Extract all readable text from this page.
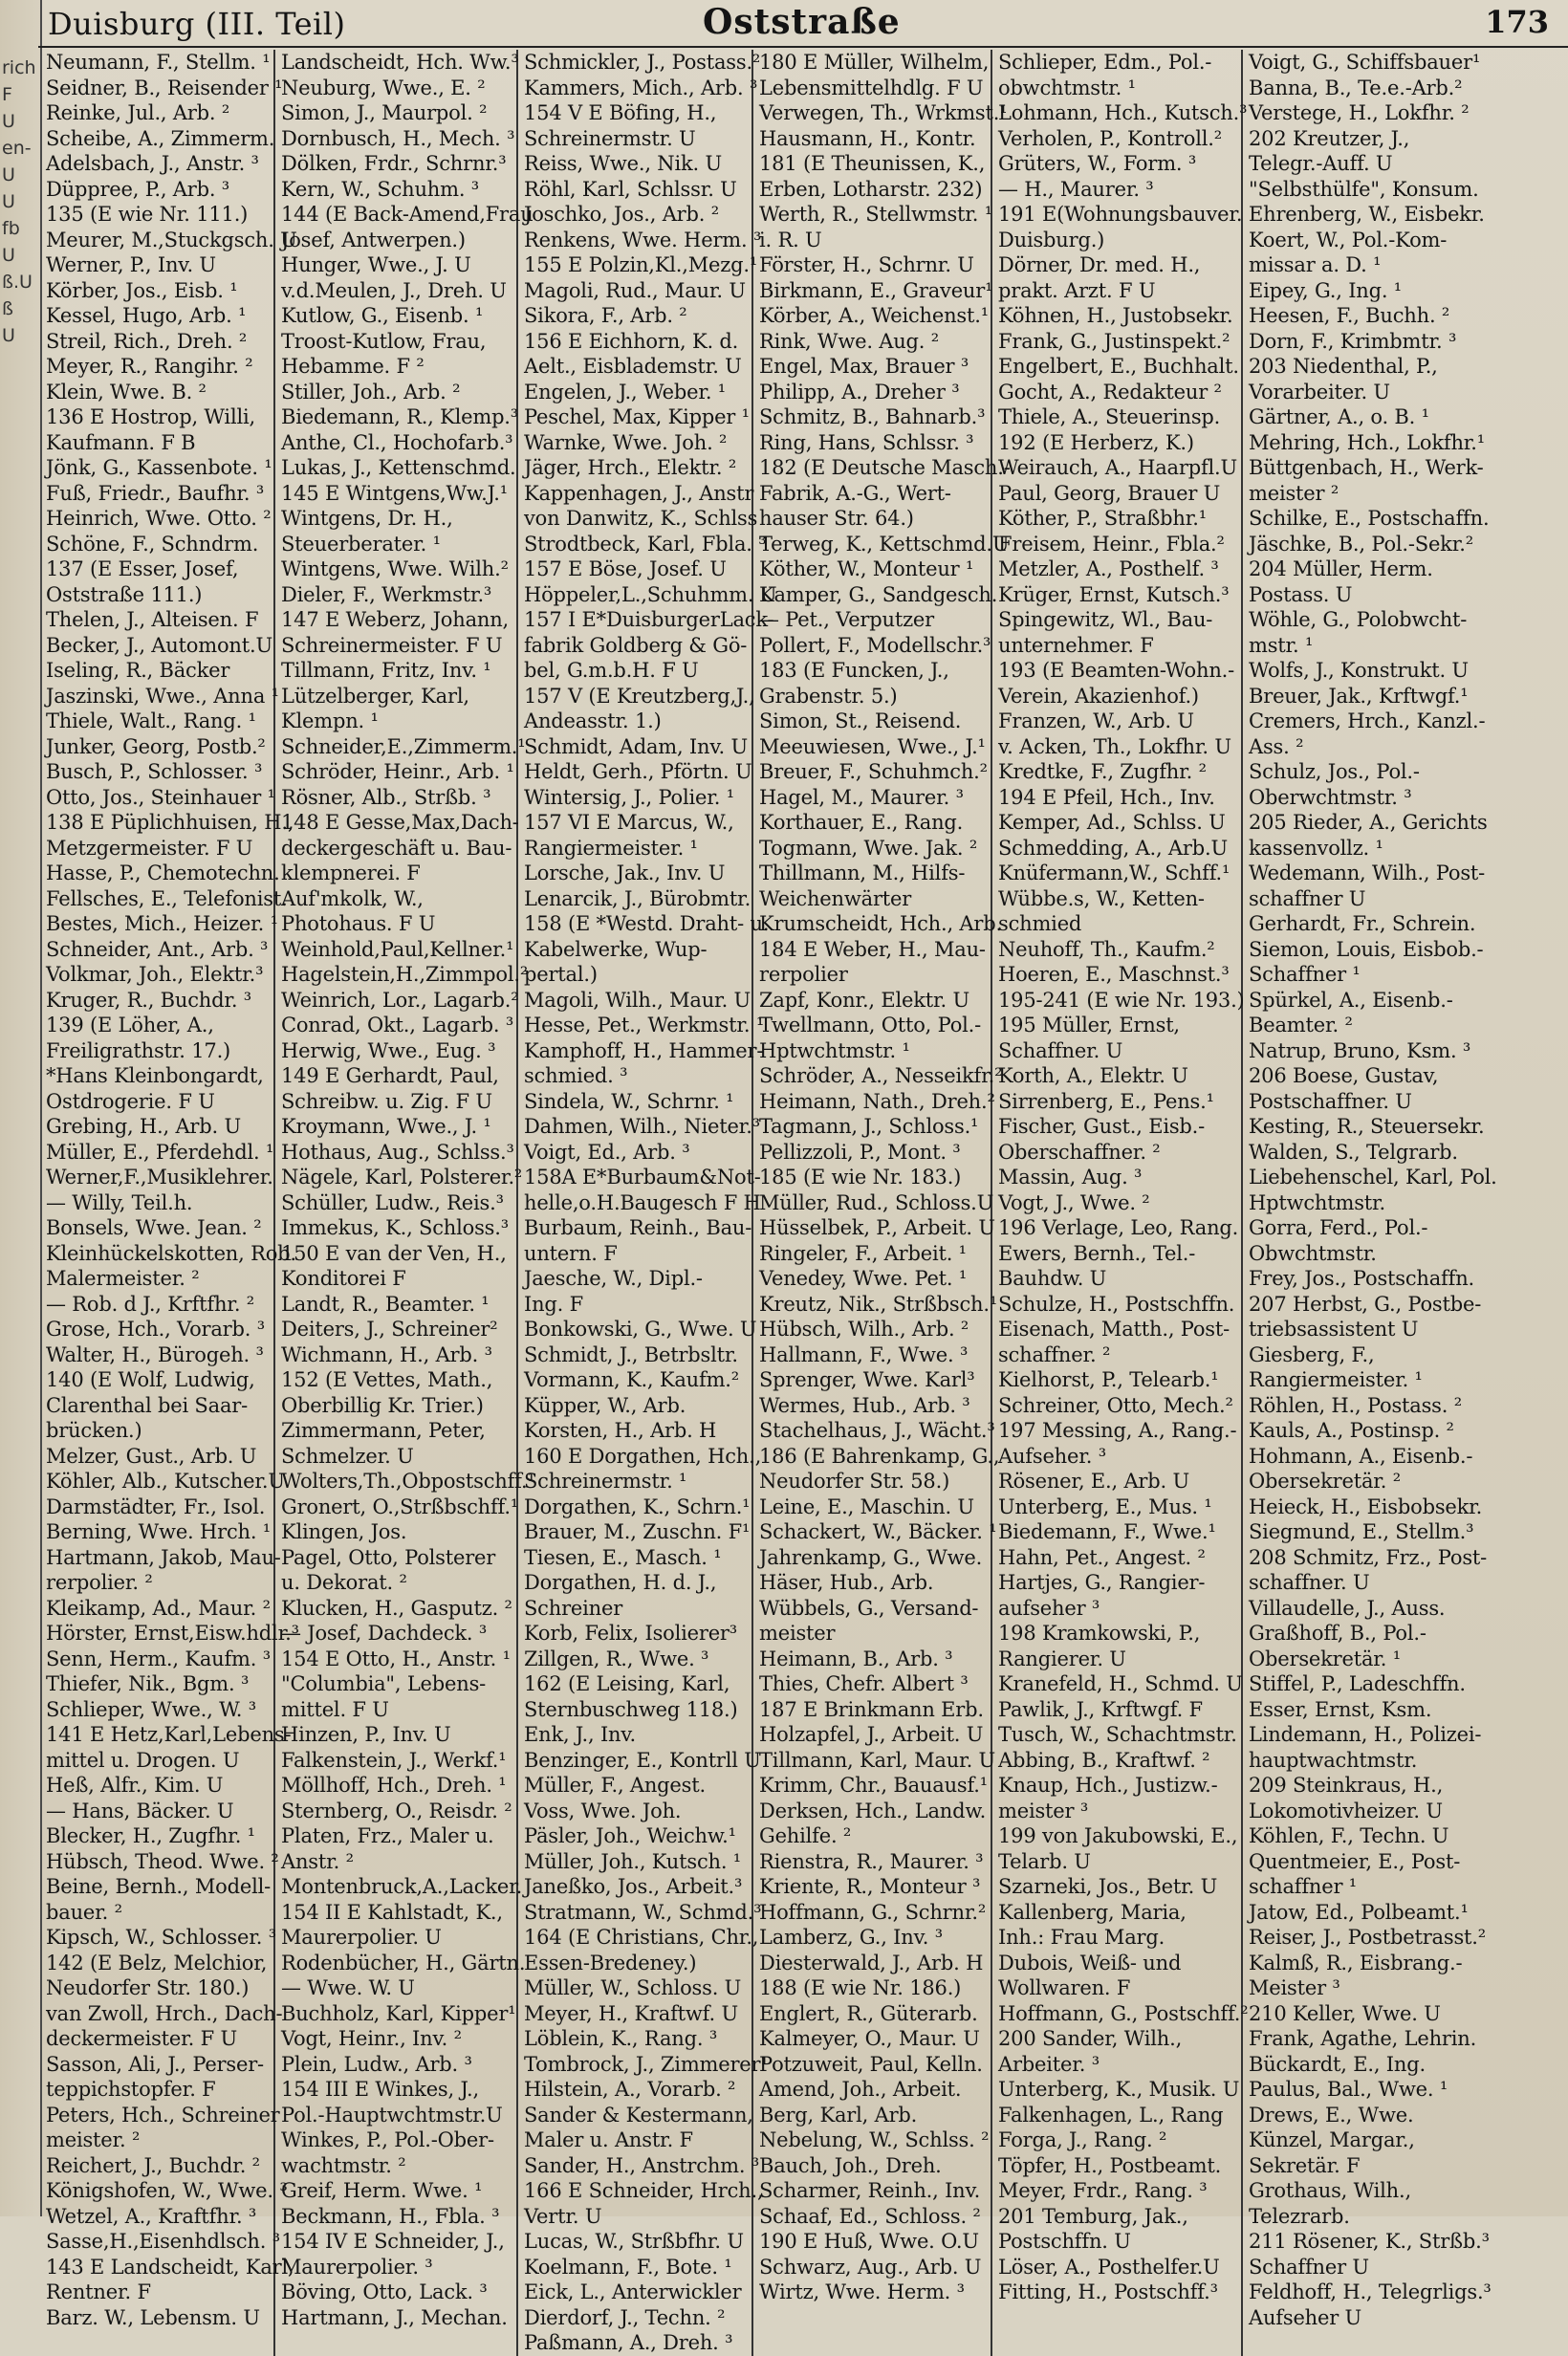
rich
F
U
en-
U
U
fb
U
ß.U
ß
U
Duisburg (III. Teil)	Oststraße	173
Neumann, F., Stellm. ¹
Seidner, B., Reisender ¹
Reinke, Jul., Arb. ²
Scheibe, A., Zimmerm.
Adelsbach, J., Anstr. ³
Düppree, P., Arb. ³
135 (E wie Nr. 111.)
Meurer, M.,Stuckgsch. U
Werner, P., Inv. U
Körber, Jos., Eisb. ¹
Kessel, Hugo, Arb. ¹
Streil, Rich., Dreh. ²
Meyer, R., Rangihr. ²
Klein, Wwe. B. ²
136 E Hostrop, Willi,
Kaufmann. F B
Jönk, G., Kassenbote. ¹
Fuß, Friedr., Baufhr. ³
Heinrich, Wwe. Otto. ²
Schöne, F., Schndrm.
137 (E Esser, Josef,
Oststraße 111.)
Thelen, J., Alteisen. F
Becker, J., Automont.U
Iseling, R., Bäcker
Jaszinski, Wwe., Anna ¹
Thiele, Walt., Rang. ¹
Junker, Georg, Postb.²
Busch, P., Schlosser. ³
Otto, Jos., Steinhauer ¹
138 E Püplichhuisen, H.,
Metzgermeister. F U
Hasse, P., Chemotechn.
Fellsches, E., Telefonist.
Bestes, Mich., Heizer. ¹
Schneider, Ant., Arb. ³
Volkmar, Joh., Elektr.³
Kruger, R., Buchdr. ³
139 (E Löher, A.,
Freiligrathstr. 17.)
*Hans Kleinbongardt,
Ostdrogerie. F U
Grebing, H., Arb. U
Müller, E., Pferdehdl. ¹
Werner,F.,Musiklehrer.
— Willy, Teil.h.
Bonsels, Wwe. Jean. ²
Kleinhückelskotten, Rob.
Malermeister. ²
— Rob. d J., Krftfhr. ²
Grose, Hch., Vorarb. ³
Walter, H., Bürogeh. ³
140 (E Wolf, Ludwig,
Clarenthal bei Saar-
brücken.)
Melzer, Gust., Arb. U
Köhler, Alb., Kutscher.U
Darmstädter, Fr., Isol.
Berning, Wwe. Hrch. ¹
Hartmann, Jakob, Mau-
rerpolier. ²
Kleikamp, Ad., Maur. ²
Hörster, Ernst,Eisw.hdlr.³
Senn, Herm., Kaufm. ³
Thiefer, Nik., Bgm. ³
Schlieper, Wwe., W. ³
141 E Hetz,Karl,Lebens-
mittel u. Drogen. U
Heß, Alfr., Kim. U
— Hans, Bäcker. U
Blecker, H., Zugfhr. ¹
Hübsch, Theod. Wwe. ²
Beine, Bernh., Modell-
bauer. ²
Kipsch, W., Schlosser. ³
142 (E Belz, Melchior,
Neudorfer Str. 180.)
van Zwoll, Hrch., Dach-
deckermeister. F U
Sasson, Ali, J., Perser-
teppichstopfer. F
Peters, Hch., Schreiner
meister. ²
Reichert, J., Buchdr. ²
Königshofen, W., Wwe. ³
Wetzel, A., Kraftfhr. ³
Sasse,H.,Eisenhdlsch. ³
143 E Landscheidt, Karl,
Rentner. F
Barz. W., Lebensm. U
Landscheidt, Hch. Ww.³
Neuburg, Wwe., E. ²
Simon, J., Maurpol. ²
Dornbusch, H., Mech. ³
Dölken, Frdr., Schrnr.³
Kern, W., Schuhm. ³
144 (E Back-Amend,Frau
Josef, Antwerpen.)
Hunger, Wwe., J. U
v.d.Meulen, J., Dreh. U
Kutlow, G., Eisenb. ¹
Troost-Kutlow, Frau,
Hebamme. F ²
Stiller, Joh., Arb. ²
Biedemann, R., Klemp.³
Anthe, Cl., Hochofarb.³
Lukas, J., Kettenschmd.
145 E Wintgens,Ww.J.¹
Wintgens, Dr. H.,
Steuerberater. ¹
Wintgens, Wwe. Wilh.²
Dieler, F., Werkmstr.³
147 E Weberz, Johann,
Schreinermeister. F U
Tillmann, Fritz, Inv. ¹
Lützelberger, Karl,
Klempn. ¹
Schneider,E.,Zimmerm.¹
Schröder, Heinr., Arb. ¹
Rösner, Alb., Strßb. ³
148 E Gesse,Max,Dach-
deckergeschäft u. Bau-
klempnerei. F
Auf'mkolk, W.,
Photohaus. F U
Weinhold,Paul,Kellner.¹
Hagelstein,H.,Zimmpol.²
Weinrich, Lor., Lagarb.²
Conrad, Okt., Lagarb. ³
Herwig, Wwe., Eug. ³
149 E Gerhardt, Paul,
Schreibw. u. Zig. F U
Kroymann, Wwe., J. ¹
Hothaus, Aug., Schlss.³
Nägele, Karl, Polsterer.²
Schüller, Ludw., Reis.³
Immekus, K., Schloss.³
150 E van der Ven, H.,
Konditorei F
Landt, R., Beamter. ¹
Deiters, J., Schreiner²
Wichmann, H., Arb. ³
152 (E Vettes, Math.,
Oberbillig Kr. Trier.)
Zimmermann, Peter,
Schmelzer. U
Wolters,Th.,Obpostschff.¹
Gronert, O.,Strßbschff.¹
Klingen, Jos.
Pagel, Otto, Polsterer
u. Dekorat. ²
Klucken, H., Gasputz. ²
— Josef, Dachdeck. ³
154 E Otto, H., Anstr. ¹
"Columbia", Lebens-
mittel. F U
Hinzen, P., Inv. U
Falkenstein, J., Werkf.¹
Möllhoff, Hch., Dreh. ¹
Sternberg, O., Reisdr. ²
Platen, Frz., Maler u.
Anstr. ²
Montenbruck,A.,Lacker.
154 II E Kahlstadt, K.,
Maurerpolier. U
Rodenbücher, H., Gärtn.
— Wwe. W. U
Buchholz, Karl, Kipper¹
Vogt, Heinr., Inv. ²
Plein, Ludw., Arb. ³
154 III E Winkes, J.,
Pol.-Hauptwchtmstr.U
Winkes, P., Pol.-Ober-
wachtmstr. ²
Greif, Herm. Wwe. ¹
Beckmann, H., Fbla. ³
154 IV E Schneider, J.,
Maurerpolier. ³
Böving, Otto, Lack. ³
Hartmann, J., Mechan.
Schmickler, J., Postass.²
Kammers, Mich., Arb. ³
154 V E Böfing, H.,
Schreinermstr. U
Reiss, Wwe., Nik. U
Röhl, Karl, Schlssr. U
Joschko, Jos., Arb. ²
Renkens, Wwe. Herm. ³
155 E Polzin,Kl.,Mezg.¹
Magoli, Rud., Maur. U
Sikora, F., Arb. ²
156 E Eichhorn, K. d.
Aelt., Eisblademstr. U
Engelen, J., Weber. ¹
Peschel, Max, Kipper ¹
Warnke, Wwe. Joh. ²
Jäger, Hrch., Elektr. ²
Kappenhagen, J., Anstr
von Danwitz, K., Schlss
Strodtbeck, Karl, Fbla. ³
157 E Böse, Josef. U
Höppeler,L.,Schuhmm. U
157 I E*DuisburgerLack-
fabrik Goldberg & Gö-
bel, G.m.b.H. F U
157 V (E Kreutzberg,J.,
Andeasstr. 1.)
Schmidt, Adam, Inv. U
Heldt, Gerh., Pförtn. U
Wintersig, J., Polier. ¹
157 VI E Marcus, W.,
Rangiermeister. ¹
Lorsche, Jak., Inv. U
Lenarcik, J., Bürobmtr.
158 (E *Westd. Draht- u.
Kabelwerke, Wup-
pertal.)
Magoli, Wilh., Maur. U
Hesse, Pet., Werkmstr. ¹
Kamphoff, H., Hammer-
schmied. ³
Sindela, W., Schrnr. ¹
Dahmen, Wilh., Nieter.³
Voigt, Ed., Arb. ³
158A E*Burbaum&Not-
helle,o.H.Baugesch F H
Burbaum, Reinh., Bau-
untern. F
Jaesche, W., Dipl.-
Ing. F
Bonkowski, G., Wwe. U
Schmidt, J., Betrbsltr.
Vormann, K., Kaufm.²
Küpper, W., Arb.
Korsten, H., Arb. H
160 E Dorgathen, Hch.,
Schreinermstr. ¹
Dorgathen, K., Schrn.¹
Brauer, M., Zuschn. F¹
Tiesen, E., Masch. ¹
Dorgathen, H. d. J.,
Schreiner
Korb, Felix, Isolierer³
Zillgen, R., Wwe. ³
162 (E Leising, Karl,
Sternbuschweg 118.)
Enk, J., Inv.
Benzinger, E., Kontrll U
Müller, F., Angest.
Voss, Wwe. Joh.
Päsler, Joh., Weichw.¹
Müller, Joh., Kutsch. ¹
Janeßko, Jos., Arbeit.³
Stratmann, W., Schmd.³
164 (E Christians, Chr.,
Essen-Bredeney.)
Müller, W., Schloss. U
Meyer, H., Kraftwf. U
Löblein, K., Rang. ³
Tombrock, J., Zimmerer¹
Hilstein, A., Vorarb. ²
Sander & Kestermann,
Maler u. Anstr. F
Sander, H., Anstrchm. ³
166 E Schneider, Hrch.,
Vertr. U
Lucas, W., Strßbfhr. U
Koelmann, F., Bote. ¹
Eick, L., Anterwickler
Dierdorf, J., Techn. ²
Paßmann, A., Dreh. ³
180 E Müller, Wilhelm,
Lebensmittelhdlg. F U
Verwegen, Th., Wrkmst.¹
Hausmann, H., Kontr.
181 (E Theunissen, K.,
Erben, Lotharstr. 232)
Werth, R., Stellwmstr. ¹
i. R. U
Förster, H., Schrnr. U
Birkmann, E., Graveur¹
Körber, A., Weichenst.¹
Rink, Wwe. Aug. ²
Engel, Max, Brauer ³
Philipp, A., Dreher ³
Schmitz, B., Bahnarb.³
Ring, Hans, Schlssr. ³
182 (E Deutsche Masch.-
Fabrik, A.-G., Wert-
hauser Str. 64.)
Terweg, K., Kettschmd.U
Köther, W., Monteur ¹
Kamper, G., Sandgesch.
— Pet., Verputzer
Pollert, F., Modellschr.³
183 (E Funcken, J.,
Grabenstr. 5.)
Simon, St., Reisend.
Meeuwiesen, Wwe., J.¹
Breuer, F., Schuhmch.²
Hagel, M., Maurer. ³
Korthauer, E., Rang.
Togmann, Wwe. Jak. ²
Thillmann, M., Hilfs-
Weichenwärter
Krumscheidt, Hch., Arb.
184 E Weber, H., Mau-
rerpolier
Zapf, Konr., Elektr. U
Twellmann, Otto, Pol.-
Hptwchtmstr. ¹
Schröder, A., Nesseikfr.²
Heimann, Nath., Dreh.²
Tagmann, J., Schloss.¹
Pellizzoli, P., Mont. ³
185 (E wie Nr. 183.)
Müller, Rud., Schloss.U
Hüsselbek, P., Arbeit. U
Ringeler, F., Arbeit. ¹
Venedey, Wwe. Pet. ¹
Kreutz, Nik., Strßbsch.¹
Hübsch, Wilh., Arb. ²
Hallmann, F., Wwe. ³
Sprenger, Wwe. Karl³
Wermes, Hub., Arb. ³
Stachelhaus, J., Wächt.³
186 (E Bahrenkamp, G.,
Neudorfer Str. 58.)
Leine, E., Maschin. U
Schackert, W., Bäcker. ¹
Jahrenkamp, G., Wwe.
Häser, Hub., Arb.
Wübbels, G., Versand-
meister
Heimann, B., Arb. ³
Thies, Chefr. Albert ³
187 E Brinkmann Erb.
Holzapfel, J., Arbeit. U
Tillmann, Karl, Maur. U
Krimm, Chr., Bauausf.¹
Derksen, Hch., Landw.
Gehilfe. ²
Rienstra, R., Maurer. ³
Kriente, R., Monteur ³
Hoffmann, G., Schrnr.²
Lamberz, G., Inv. ³
Diesterwald, J., Arb. H
188 (E wie Nr. 186.)
Englert, R., Güterarb.
Kalmeyer, O., Maur. U
Potzuweit, Paul, Kelln.
Amend, Joh., Arbeit.
Berg, Karl, Arb.
Nebelung, W., Schlss. ²
Bauch, Joh., Dreh.
Scharmer, Reinh., Inv.
Schaaf, Ed., Schloss. ²
190 E Huß, Wwe. O.U
Schwarz, Aug., Arb. U
Wirtz, Wwe. Herm. ³
Schlieper, Edm., Pol.-
obwchtmstr. ¹
Lohmann, Hch., Kutsch.³
Verholen, P., Kontroll.²
Grüters, W., Form. ³
— H., Maurer. ³
191 E(Wohnungsbauver.
Duisburg.)
Dörner, Dr. med. H.,
prakt. Arzt. F U
Köhnen, H., Justobsekr.
Frank, G., Justinspekt.²
Engelbert, E., Buchhalt.
Gocht, A., Redakteur ²
Thiele, A., Steuerinsp.
192 (E Herberz, K.)
Weirauch, A., Haarpfl.U
Paul, Georg, Brauer U
Köther, P., Straßbhr.¹
Freisem, Heinr., Fbla.²
Metzler, A., Posthelf. ³
Krüger, Ernst, Kutsch.³
Spingewitz, Wl., Bau-
unternehmer. F
193 (E Beamten-Wohn.-
Verein, Akazienhof.)
Franzen, W., Arb. U
v. Acken, Th., Lokfhr. U
Kredtke, F., Zugfhr. ²
194 E Pfeil, Hch., Inv.
Kemper, Ad., Schlss. U
Schmedding, A., Arb.U
Knüfermann,W., Schff.¹
Wübbe.s, W., Ketten-
schmied
Neuhoff, Th., Kaufm.²
Hoeren, E., Maschnst.³
195-241 (E wie Nr. 193.)
195 Müller, Ernst,
Schaffner. U
Korth, A., Elektr. U
Sirrenberg, E., Pens.¹
Fischer, Gust., Eisb.-
Oberschaffner. ²
Massin, Aug. ³
Vogt, J., Wwe. ²
196 Verlage, Leo, Rang.
Ewers, Bernh., Tel.-
Bauhdw. U
Schulze, H., Postschffn.
Eisenach, Matth., Post-
schaffner. ²
Kielhorst, P., Telearb.¹
Schreiner, Otto, Mech.²
197 Messing, A., Rang.-
Aufseher. ³
Rösener, E., Arb. U
Unterberg, E., Mus. ¹
Biedemann, F., Wwe.¹
Hahn, Pet., Angest. ²
Hartjes, G., Rangier-
aufseher ³
198 Kramkowski, P.,
Rangierer. U
Kranefeld, H., Schmd. U
Pawlik, J., Krftwgf. F
Tusch, W., Schachtmstr.
Abbing, B., Kraftwf. ²
Knaup, Hch., Justizw.-
meister ³
199 von Jakubowski, E.,
Telarb. U
Szarneki, Jos., Betr. U
Kallenberg, Maria,
Inh.: Frau Marg.
Dubois, Weiß- und
Wollwaren. F
Hoffmann, G., Postschff.²
200 Sander, Wilh.,
Arbeiter. ³
Unterberg, K., Musik. U
Falkenhagen, L., Rang
Forga, J., Rang. ²
Töpfer, H., Postbeamt.
Meyer, Frdr., Rang. ³
201 Temburg, Jak.,
Postschffn. U
Löser, A., Posthelfer.U
Fitting, H., Postschff.³
Voigt, G., Schiffsbauer¹
Banna, B., Te.e.-Arb.²
Verstege, H., Lokfhr. ²
202 Kreutzer, J.,
Telegr.-Auff. U
"Selbsthülfe", Konsum.
Ehrenberg, W., Eisbekr.
Koert, W., Pol.-Kom-
missar a. D. ¹
Eipey, G., Ing. ¹
Heesen, F., Buchh. ²
Dorn, F., Krimbmtr. ³
203 Niedenthal, P.,
Vorarbeiter. U
Gärtner, A., o. B. ¹
Mehring, Hch., Lokfhr.¹
Büttgenbach, H., Werk-
meister ²
Schilke, E., Postschaffn.
Jäschke, B., Pol.-Sekr.²
204 Müller, Herm.
Postass. U
Wöhle, G., Polobwcht-
mstr. ¹
Wolfs, J., Konstrukt. U
Breuer, Jak., Krftwgf.¹
Cremers, Hrch., Kanzl.-
Ass. ²
Schulz, Jos., Pol.-
Oberwchtmstr. ³
205 Rieder, A., Gerichts
kassenvollz. ¹
Wedemann, Wilh., Post-
schaffner U
Gerhardt, Fr., Schrein.
Siemon, Louis, Eisbob.-
Schaffner ¹
Spürkel, A., Eisenb.-
Beamter. ²
Natrup, Bruno, Ksm. ³
206 Boese, Gustav,
Postschaffner. U
Kesting, R., Steuersekr.
Walden, S., Telgrarb.
Liebehenschel, Karl, Pol.
Hptwchtmstr.
Gorra, Ferd., Pol.-
Obwchtmstr.
Frey, Jos., Postschaffn.
207 Herbst, G., Postbe-
triebsassistent U
Giesberg, F.,
Rangiermeister. ¹
Röhlen, H., Postass. ²
Kauls, A., Postinsp. ²
Hohmann, A., Eisenb.-
Obersekretär. ²
Heieck, H., Eisbobsekr.
Siegmund, E., Stellm.³
208 Schmitz, Frz., Post-
schaffner. U
Villaudelle, J., Auss.
Graßhoff, B., Pol.-
Obersekretär. ¹
Stiffel, P., Ladeschffn.
Esser, Ernst, Ksm.
Lindemann, H., Polizei-
hauptwachtmstr.
209 Steinkraus, H.,
Lokomotivheizer. U
Köhlen, F., Techn. U
Quentmeier, E., Post-
schaffner ¹
Jatow, Ed., Polbeamt.¹
Reiser, J., Postbetrasst.²
Kalmß, R., Eisbrang.-
Meister ³
210 Keller, Wwe. U
Frank, Agathe, Lehrin.
Bückardt, E., Ing.
Paulus, Bal., Wwe. ¹
Drews, E., Wwe.
Künzel, Margar.,
Sekretär. F
Grothaus, Wilh.,
Telezrarb.
211 Rösener, K., Strßb.³
Schaffner U
Feldhoff, H., Telegrligs.³
Aufseher U
